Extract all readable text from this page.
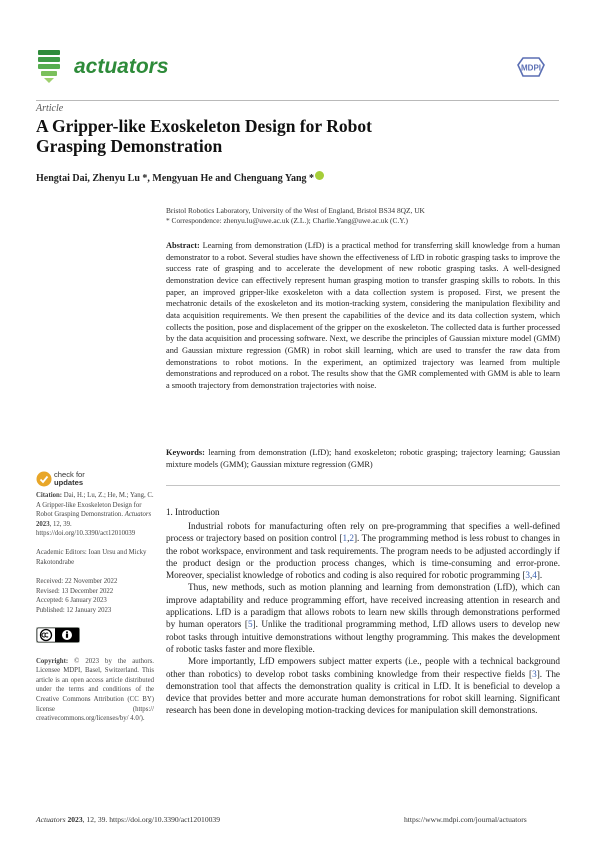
actuators	MDPI
Article
A Gripper-like Exoskeleton Design for Robot Grasping Demonstration
Hengtai Dai, Zhenyu Lu *, Mengyuan He and Chenguang Yang *
Bristol Robotics Laboratory, University of the West of England, Bristol BS34 8QZ, UK
* Correspondence: zhenyu.lu@uwe.ac.uk (Z.L.); Charlie.Yang@uwe.ac.uk (C.Y.)
Abstract: Learning from demonstration (LfD) is a practical method for transferring skill knowledge from a human demonstrator to a robot. Several studies have shown the effectiveness of LfD in robotic grasping tasks to improve the success rate of grasping and to accelerate the development of new robotic grasping tasks. A well-designed demonstration device can effectively represent human grasping motion to transfer grasping skills to robots. In this paper, an improved gripper-like exoskeleton with a data collection system is proposed. First, we present the mechatronic details of the exoskeleton and its motion-tracking system, considering the manipulation flexibility and data acquisition requirements. We then present the capabilities of the device and its data collection system, which collects the position, pose and displacement of the gripper on the exoskeleton. The collected data is further processed by the data acquisition and processing software. Next, we describe the principles of Gaussian mixture model (GMM) and Gaussian mixture regression (GMR) in robot skill learning, which are used to transfer the raw data from demonstrations to robot motions. In the experiment, an optimized trajectory was learned from multiple demonstrations and reproduced on a robot. The results show that the GMR complemented with GMM is able to learn a smooth trajectory from demonstration trajectories with noise.
Keywords: learning from demonstration (LfD); hand exoskeleton; robotic grasping; trajectory learning; Gaussian mixture models (GMM); Gaussian mixture regression (GMR)
1. Introduction

Industrial robots for manufacturing often rely on pre-programming that specifies a well-defined process or trajectory based on position control [1,2]. The programming method is less robust to changes in the robot workspace, environment and task requirements. The program needs to be adjusted accordingly if the product design or the production process changes, which is time-consuming and error-prone. Moreover, specialist knowledge of robotics and coding is also required for robotic programming [3,4].

Thus, new methods, such as motion planning and learning from demonstration (LfD), which can improve adaptability and reduce programming effort, have received increasing attention in research and applications. LfD is a paradigm that allows robots to learn new skills through demonstrations performed by human operators [5]. Unlike the traditional programming method, LfD allows users to develop new robot tasks through intuitive demonstrations without lengthy programming. This makes the development of robotic tasks faster and more flexible.

More importantly, LfD empowers subject matter experts (i.e., people with a technical background other than robotics) to develop robot tasks combining knowledge from their respective fields [3]. The demonstration tool that affects the demonstration quality is critical in LfD. It is beneficial to develop a device that provides better and more accurate human demonstrations for robot skill learning. Significant research has been done in developing motion-tracking devices for manipulation skill demonstrations.

check for
updates
Citation: Dai, H.; Lu, Z.; He, M.; Yang, C. A Gripper-like Exoskeleton Design for Robot Grasping Demonstration. Actuators 2023, 12, 39. https://doi.org/10.3390/act12010039
Academic Editors: Ioan Ursu and Micky Rakotondrabe
Received: 22 November 2022
Revised: 13 December 2022
Accepted: 6 January 2023
Published: 12 January 2023
Copyright: © 2023 by the authors. Licensee MDPI, Basel, Switzerland. This article is an open access article distributed under the terms and conditions of the Creative Commons Attribution (CC BY) license (https:// creativecommons.org/licenses/by/ 4.0/).
Actuators 2023, 12, 39. https://doi.org/10.3390/act12010039	https://www.mdpi.com/journal/actuators
